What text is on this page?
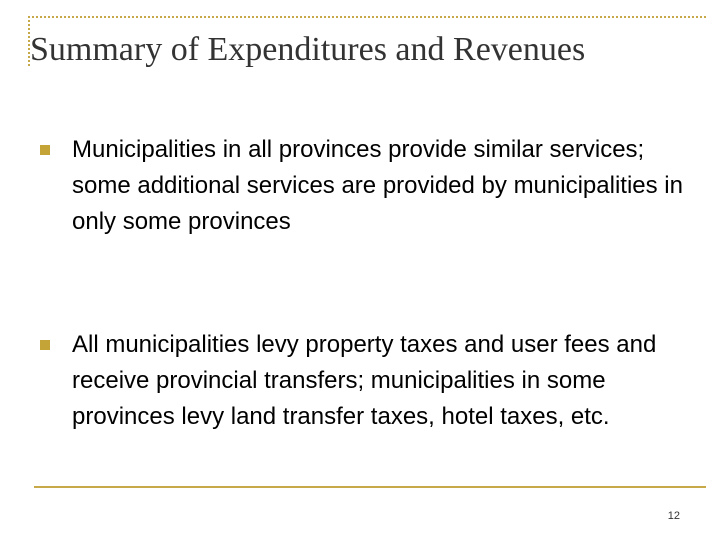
Summary of Expenditures and Revenues
Municipalities in all provinces provide similar services; some additional services are provided by municipalities in only some provinces
All municipalities levy property taxes and user fees and receive provincial transfers; municipalities in some provinces levy land transfer taxes, hotel taxes, etc.
12
